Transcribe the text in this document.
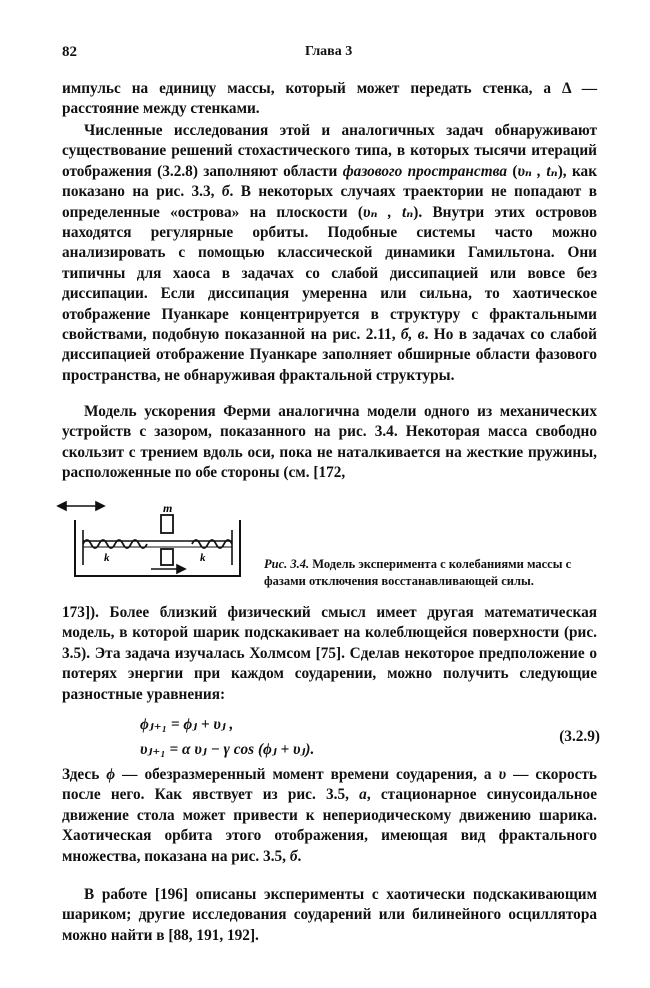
82	Глава 3

импульс на единицу массы, который может передать стенка, а Δ — расстояние между стенками.

Численные исследования этой и аналогичных задач обнаруживают существование решений стохастического типа, в которых тысячи итераций отображения (3.2.8) заполняют области фазового пространства (υₙ , tₙ), как показано на рис. 3.3, б. В некоторых случаях траектории не попадают в определенные «острова» на плоскости (υₙ , tₙ). Внутри этих островов находятся регулярные орбиты. Подобные системы часто можно анализировать с помощью классической динамики Гамильтона. Они типичны для хаоса в задачах со слабой диссипацией или вовсе без диссипации. Если диссипация умеренна или сильна, то хаотическое отображение Пуанкаре концентрируется в структуру с фрактальными свойствами, подобную показанной на рис. 2.11, б, в. Но в задачах со слабой диссипацией отображение Пуанкаре заполняет обширные области фазового пространства, не обнаруживая фрактальной структуры.

Модель ускорения Ферми аналогична модели одного из механических устройств с зазором, показанного на рис. 3.4. Некоторая масса свободно скользит с трением вдоль оси, пока не наталкивается на жесткие пружины, расположенные по обе стороны (см. [172,

m
k	k	Рис. 3.4. Модель эксперимента с колебаниями массы с фазами отключения восстанавливающей силы.

173]). Более близкий физический смысл имеет другая математическая модель, в которой шарик подскакивает на колеблющейся поверхности (рис. 3.5). Эта задача изучалась Холмсом [75]. Сделав некоторое предположение о потерях энергии при каждом соударении, можно получить следующие разностные уравнения:

ϕⱼ₊₁ = ϕⱼ + υⱼ ,
υⱼ₊₁ = α υⱼ − γ cos (ϕⱼ + υⱼ).
(3.2.9)

Здесь ϕ — обезразмеренный момент времени соударения, а υ — скорость после него. Как явствует из рис. 3.5, а, стационарное синусоидальное движение стола может привести к непериодическому движению шарика. Хаотическая орбита этого отображения, имеющая вид фрактального множества, показана на рис. 3.5, б.

В работе [196] описаны эксперименты с хаотически подскакивающим шариком; другие исследования соударений или билинейного осциллятора можно найти в [88, 191, 192].
